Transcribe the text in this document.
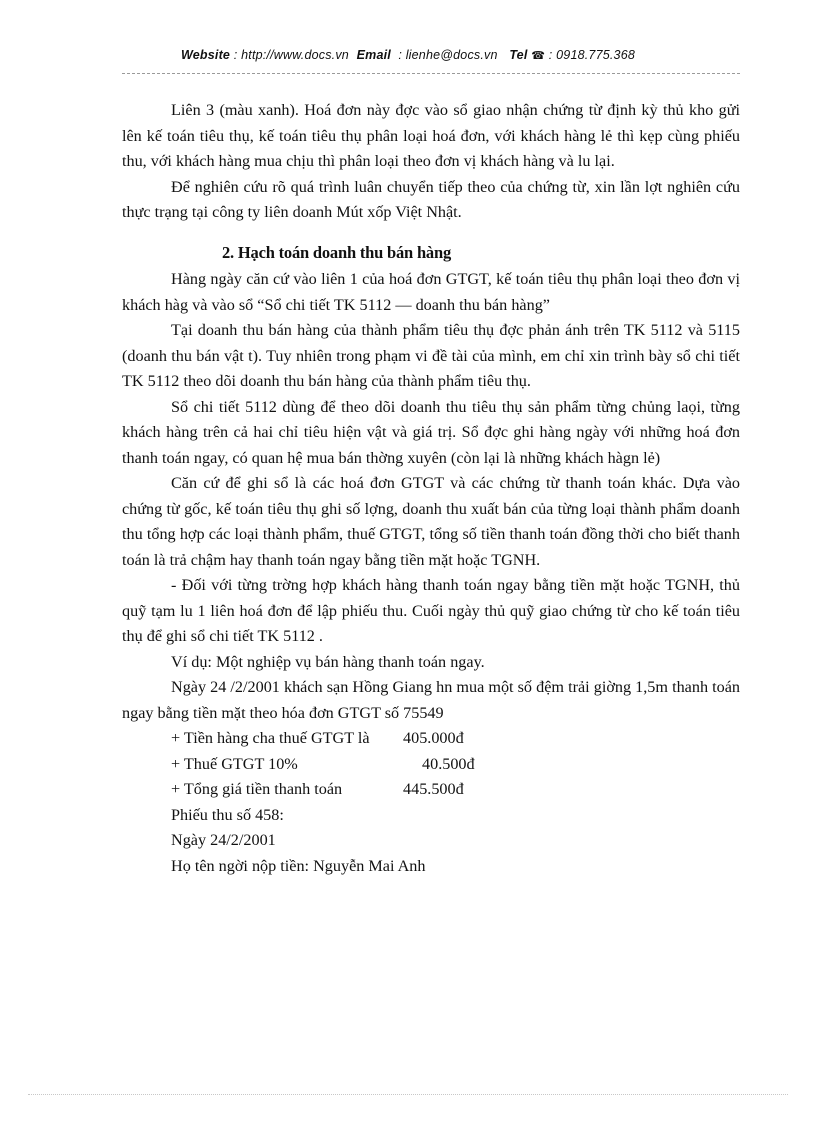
Website : http://www.docs.vn Email  : lienhe@docs.vn Tel ☎ : 0918.775.368

Liên 3 (màu xanh). Hoá đơn này đợc vào sổ giao nhận chứng từ định kỳ thủ kho gửi lên kế toán tiêu thụ, kế toán tiêu thụ phân loại hoá đơn, với khách hàng lẻ thì kẹp cùng phiếu thu, với khách hàng mua chịu thì phân loại theo đơn vị khách hàng và lu lại.

Để nghiên cứu rõ quá trình luân chuyển tiếp theo của chứng từ, xin lần lợt nghiên cứu thực trạng tại công ty liên doanh Mút xốp Việt Nhật.

2. Hạch toán doanh thu bán hàng

Hàng ngày căn cứ vào liên 1 của hoá đơn GTGT, kế toán tiêu thụ phân loại theo đơn vị khách hàg và vào sổ “Sổ chi tiết TK 5112 — doanh thu bán hàng”

Tại doanh thu bán hàng của thành phẩm tiêu thụ đợc phản ánh trên TK 5112 và 5115 (doanh thu bán vật t). Tuy nhiên trong phạm vi đề tài của mình, em chỉ xin trình bày sổ chi tiết TK 5112 theo dõi doanh thu bán hàng của thành phẩm tiêu thụ.

Sổ chi tiết 5112 dùng để theo dõi doanh thu tiêu thụ sản phẩm từng chủng laọi, từng khách hàng trên cả hai chỉ tiêu hiện vật và giá trị. Sổ đợc ghi hàng ngày với những hoá đơn thanh toán ngay, có quan hệ mua bán thờng xuyên (còn lại là những khách hàgn lẻ)

Căn cứ để ghi sổ là các hoá đơn GTGT và các chứng từ thanh toán khác. Dựa vào chứng từ gốc, kế toán tiêu thụ ghi số lợng, doanh thu xuất bán của từng loại thành phẩm doanh thu tổng hợp các loại thành phẩm, thuế GTGT, tổng số tiền thanh toán đồng thời cho biết thanh toán là trả chậm hay thanh toán ngay bằng tiền mặt hoặc TGNH.

- Đối với từng trờng hợp khách hàng thanh toán ngay bằng tiền mặt hoặc TGNH, thủ quỹ tạm lu 1 liên hoá đơn để lập phiếu thu. Cuối ngày thủ quỹ giao chứng từ cho kế toán tiêu thụ để ghi sổ chi tiết TK 5112 .

Ví dụ: Một nghiệp vụ bán hàng thanh toán ngay.

Ngày 24 /2/2001 khách sạn Hồng Giang hn mua một số đệm trải giờng 1,5m thanh toán ngay bằng tiền mặt theo hóa đơn GTGT số 75549

+ Tiền hàng cha thuế GTGT là 405.000đ

+ Thuế GTGT 10%	40.500đ

+ Tổng giá tiền thanh toán	445.500đ

Phiếu thu số 458:

Ngày 24/2/2001

Họ tên ngời nộp tiền: Nguyễn Mai Anh
